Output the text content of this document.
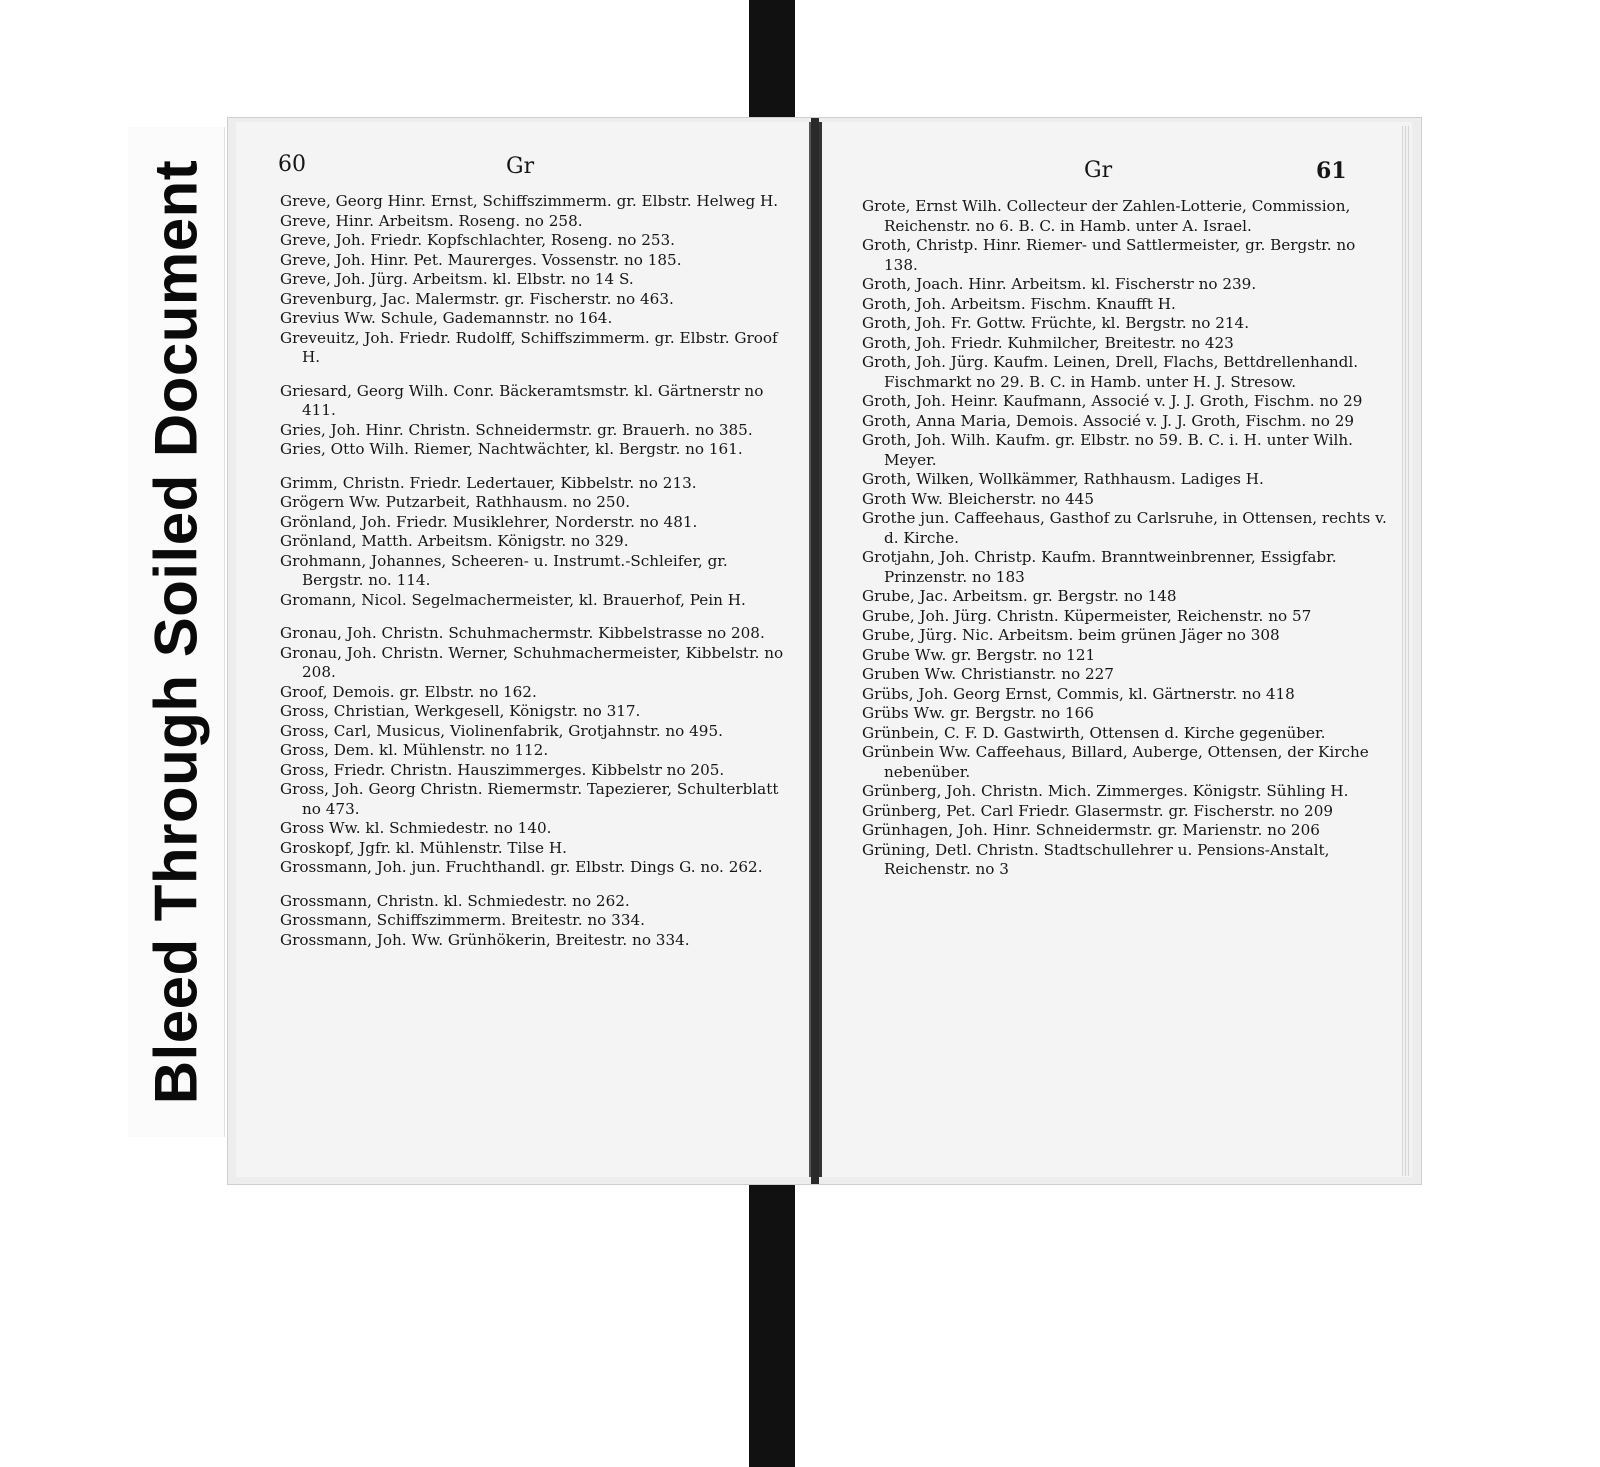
Bleed Through Soiled Document	60	Gr
Greve, Georg Hinr. Ernst, Schiffszimmerm. gr. Elbstr. Helweg H.
Greve, Hinr. Arbeitsm. Roseng. no 258.
Greve, Joh. Friedr. Kopfschlachter, Roseng. no 253.
Greve, Joh. Hinr. Pet. Maurerges. Vossenstr. no 185.
Greve, Joh. Jürg. Arbeitsm. kl. Elbstr. no 14 S.
Grevenburg, Jac. Malermstr. gr. Fischerstr. no 463.
Grevius Ww. Schule, Gademannstr. no 164.
Greveuitz, Joh. Friedr. Rudolff, Schiffszimmerm. gr. Elbstr. Groof H.
Griesard, Georg Wilh. Conr. Bäckeramtsmstr. kl. Gärtnerstr no 411.
Gries, Joh. Hinr. Christn. Schneidermstr. gr. Brauerh. no 385.
Gries, Otto Wilh. Riemer, Nachtwächter, kl. Bergstr. no 161.
Grimm, Christn. Friedr. Ledertauer, Kibbelstr. no 213.
Grögern Ww. Putzarbeit, Rathhausm. no 250.
Grönland, Joh. Friedr. Musiklehrer, Norderstr. no 481.
Grönland, Matth. Arbeitsm. Königstr. no 329.
Grohmann, Johannes, Scheeren- u. Instrumt.-Schleifer, gr. Bergstr. no. 114.
Gromann, Nicol. Segelmachermeister, kl. Brauerhof, Pein H.
Gronau, Joh. Christn. Schuhmachermstr. Kibbelstrasse no 208.
Gronau, Joh. Christn. Werner, Schuhmachermeister, Kibbelstr. no 208.
Groof, Demois. gr. Elbstr. no 162.
Gross, Christian, Werkgesell, Königstr. no 317.
Gross, Carl, Musicus, Violinenfabrik, Grotjahnstr. no 495.
Gross, Dem. kl. Mühlenstr. no 112.
Gross, Friedr. Christn. Hauszimmerges. Kibbelstr no 205.
Gross, Joh. Georg Christn. Riemermstr. Tapezierer, Schulterblatt no 473.
Gross Ww. kl. Schmiedestr. no 140.
Groskopf, Jgfr. kl. Mühlenstr. Tilse H.
Grossmann, Joh. jun. Fruchthandl. gr. Elbstr. Dings G. no. 262.
Grossmann, Christn. kl. Schmiedestr. no 262.
Grossmann, Schiffszimmerm. Breitestr. no 334.
Grossmann, Joh. Ww. Grünhökerin, Breitestr. no 334.
Gr	61
Grote, Ernst Wilh. Collecteur der Zahlen-Lotterie, Commission, Reichenstr. no 6. B. C. in Hamb. unter A. Israel.
Groth, Christp. Hinr. Riemer- und Sattlermeister, gr. Bergstr. no 138.
Groth, Joach. Hinr. Arbeitsm. kl. Fischerstr no 239.
Groth, Joh. Arbeitsm. Fischm. Knaufft H.
Groth, Joh. Fr. Gottw. Früchte, kl. Bergstr. no 214.
Groth, Joh. Friedr. Kuhmilcher, Breitestr. no 423
Groth, Joh. Jürg. Kaufm. Leinen, Drell, Flachs, Bettdrellenhandl. Fischmarkt no 29. B. C. in Hamb. unter H. J. Stresow.
Groth, Joh. Heinr. Kaufmann, Associé v. J. J. Groth, Fischm. no 29
Groth, Anna Maria, Demois. Associé v. J. J. Groth, Fischm. no 29
Groth, Joh. Wilh. Kaufm. gr. Elbstr. no 59. B. C. i. H. unter Wilh. Meyer.
Groth, Wilken, Wollkämmer, Rathhausm. Ladiges H.
Groth Ww. Bleicherstr. no 445
Grothe jun. Caffeehaus, Gasthof zu Carlsruhe, in Ottensen, rechts v. d. Kirche.
Grotjahn, Joh. Christp. Kaufm. Branntweinbrenner, Essigfabr. Prinzenstr. no 183
Grube, Jac. Arbeitsm. gr. Bergstr. no 148
Grube, Joh. Jürg. Christn. Küpermeister, Reichenstr. no 57
Grube, Jürg. Nic. Arbeitsm. beim grünen Jäger no 308
Grube Ww. gr. Bergstr. no 121
Gruben Ww. Christianstr. no 227
Grübs, Joh. Georg Ernst, Commis, kl. Gärtnerstr. no 418
Grübs Ww. gr. Bergstr. no 166
Grünbein, C. F. D. Gastwirth, Ottensen d. Kirche gegenüber.
Grünbein Ww. Caffeehaus, Billard, Auberge, Ottensen, der Kirche nebenüber.
Grünberg, Joh. Christn. Mich. Zimmerges. Königstr. Sühling H.
Grünberg, Pet. Carl Friedr. Glasermstr. gr. Fischerstr. no 209
Grünhagen, Joh. Hinr. Schneidermstr. gr. Marienstr. no 206
Grüning, Detl. Christn. Stadtschullehrer u. Pensions-Anstalt, Reichenstr. no 3
